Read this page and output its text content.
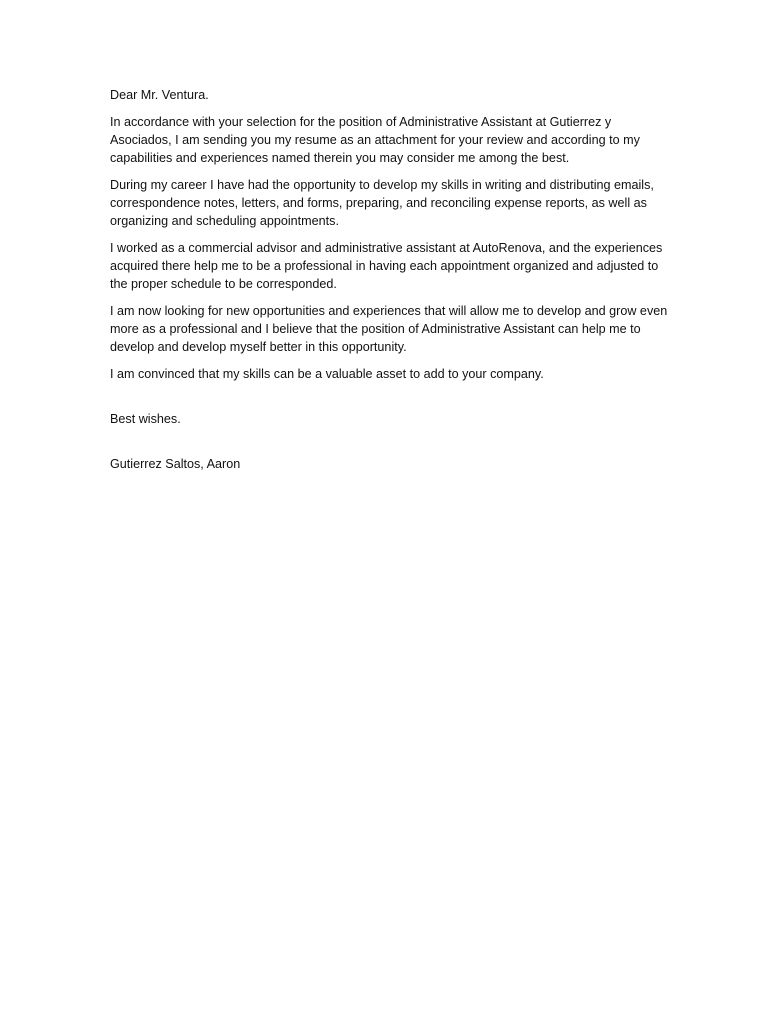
Dear Mr. Ventura.

In accordance with your selection for the position of Administrative Assistant at Gutierrez y Asociados, I am sending you my resume as an attachment for your review and according to my capabilities and experiences named therein you may consider me among the best.

During my career I have had the opportunity to develop my skills in writing and distributing emails, correspondence notes, letters, and forms, preparing, and reconciling expense reports, as well as organizing and scheduling appointments.

I worked as a commercial advisor and administrative assistant at AutoRenova, and the experiences acquired there help me to be a professional in having each appointment organized and adjusted to the proper schedule to be corresponded.

I am now looking for new opportunities and experiences that will allow me to develop and grow even more as a professional and I believe that the position of Administrative Assistant can help me to develop and develop myself better in this opportunity.

I am convinced that my skills can be a valuable asset to add to your company.

Best wishes.

Gutierrez Saltos, Aaron
